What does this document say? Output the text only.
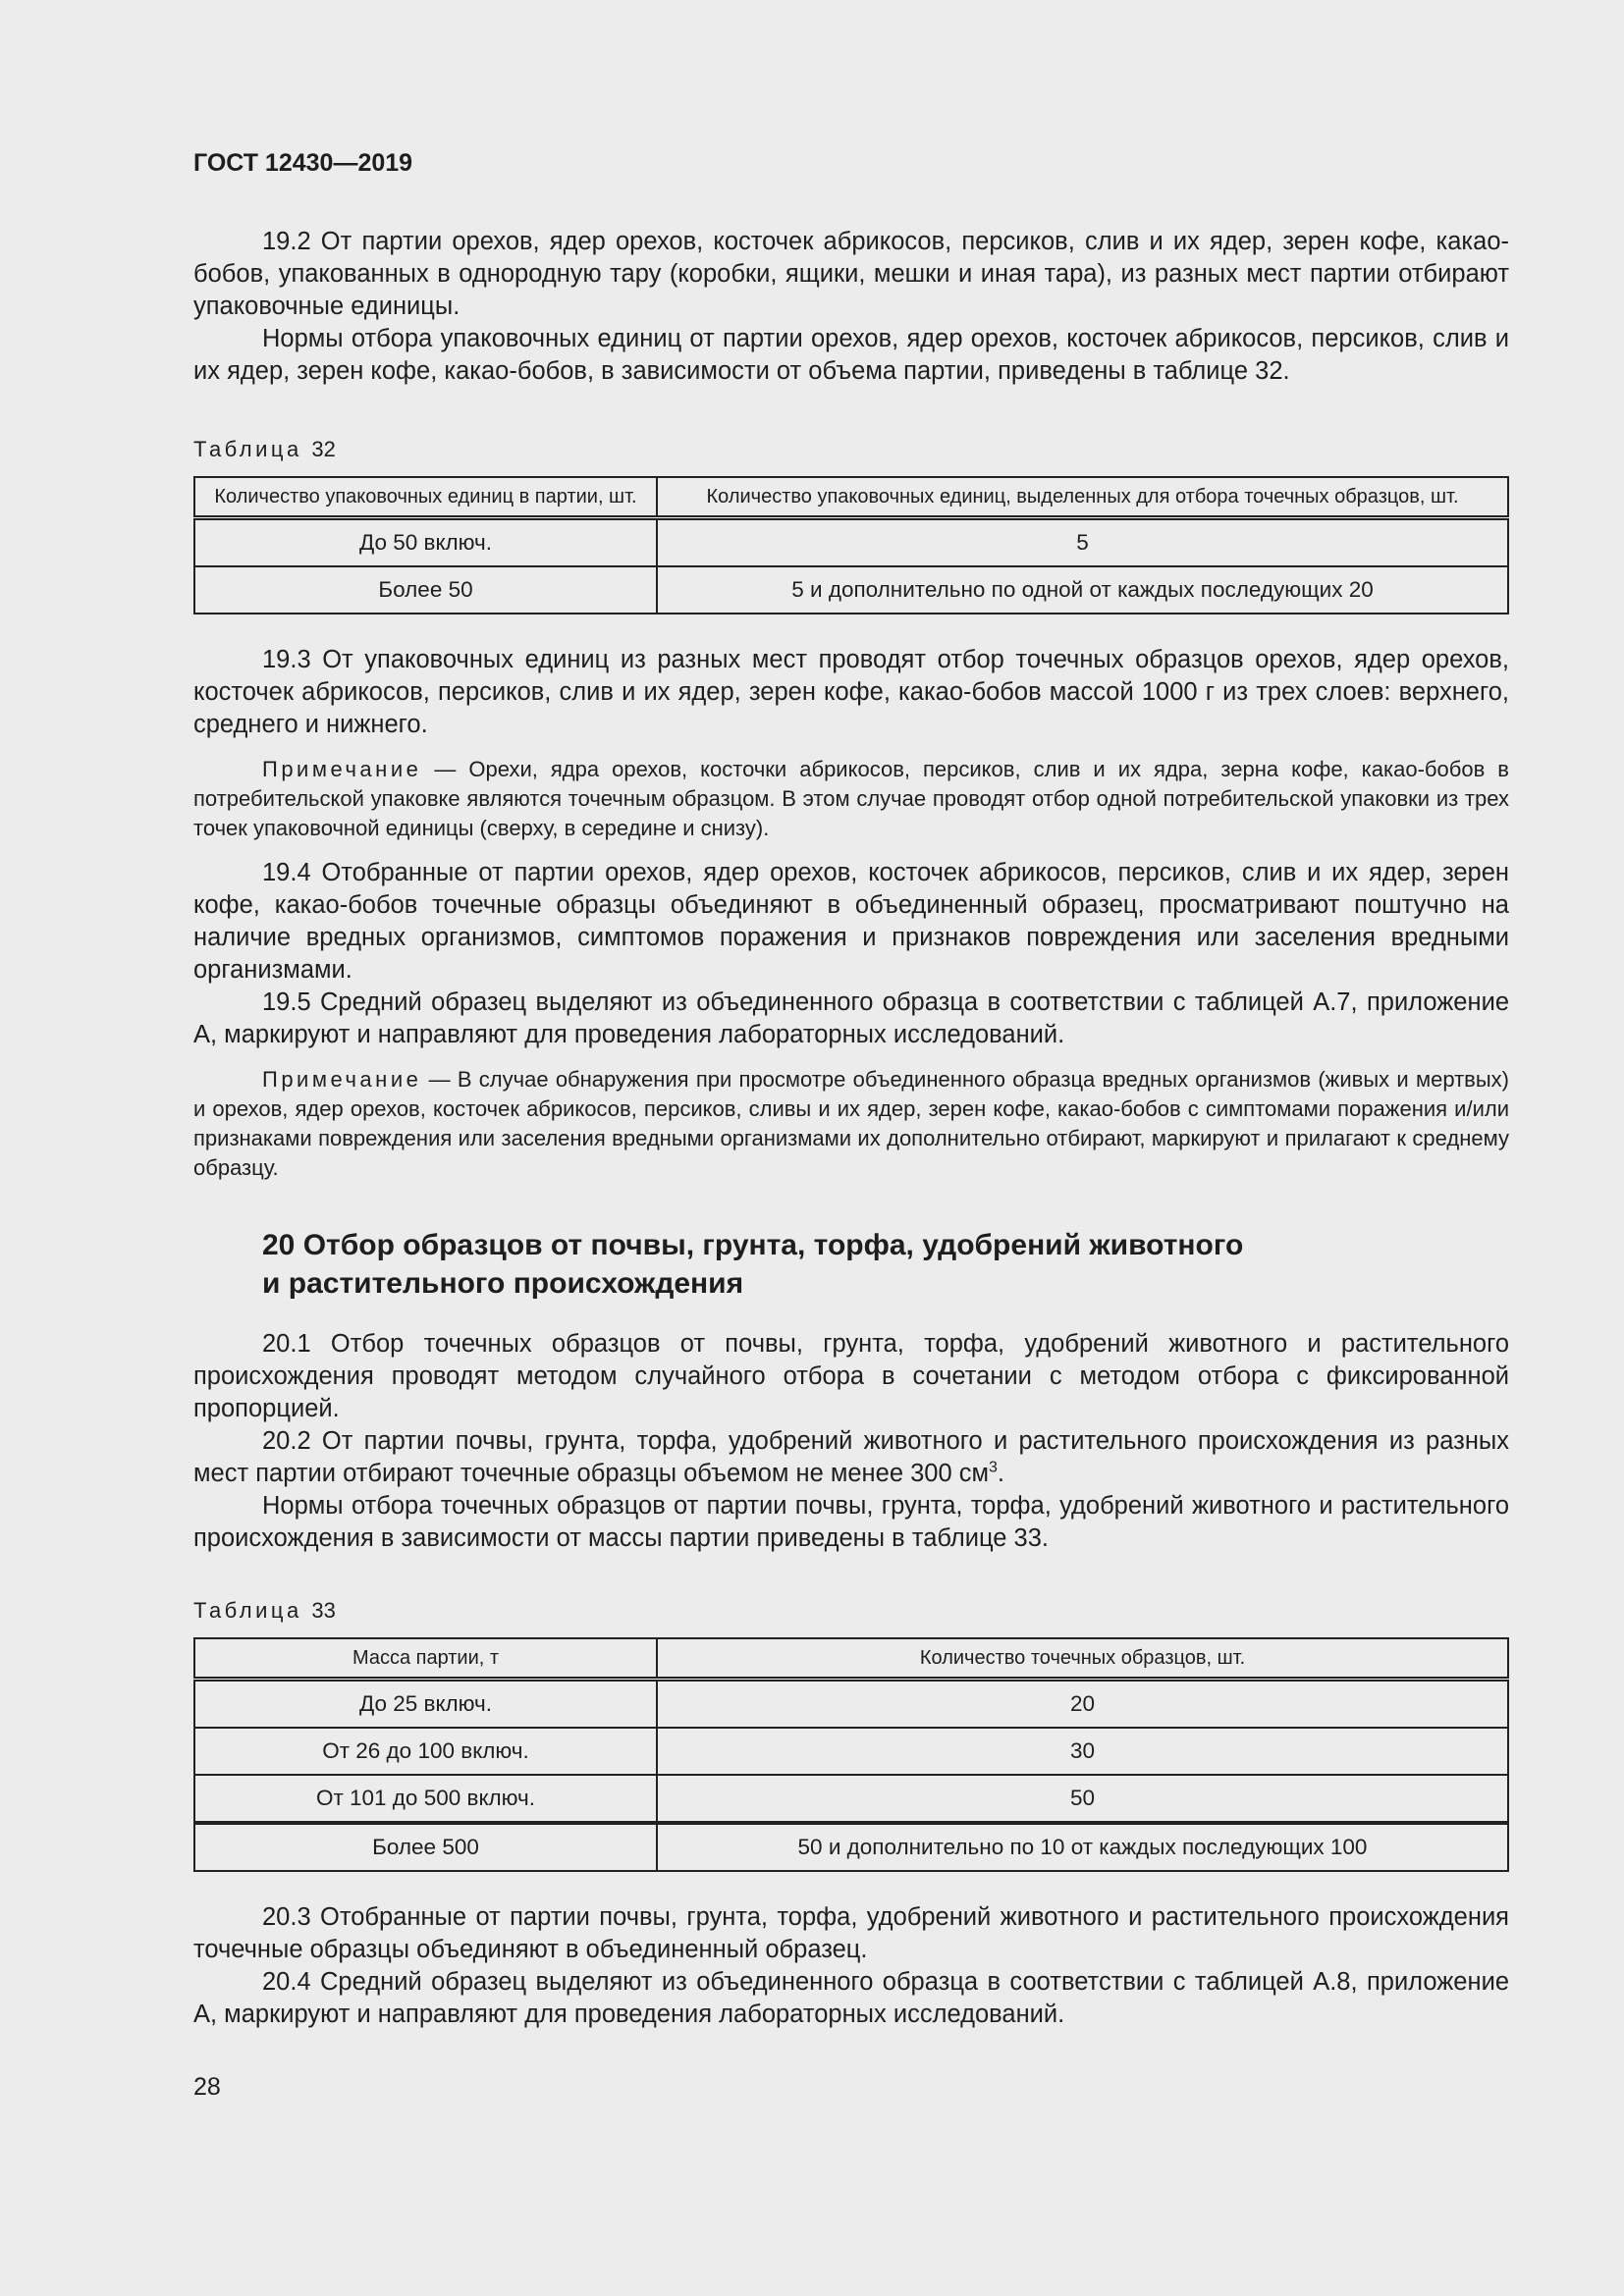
ГОСТ 12430—2019

19.2 От партии орехов, ядер орехов, косточек абрикосов, персиков, слив и их ядер, зерен кофе, какао-бобов, упакованных в однородную тару (коробки, ящики, мешки и иная тара), из разных мест партии отбирают упаковочные единицы.

Нормы отбора упаковочных единиц от партии орехов, ядер орехов, косточек абрикосов, персиков, слив и их ядер, зерен кофе, какао-бобов, в зависимости от объема партии, приведены в таблице 32.

Таблица 32
Количество упаковочных единиц в партии, шт.	Количество упаковочных единиц, выделенных для отбора точечных образцов, шт.
До 50 включ.	5
Более 50	5 и дополнительно по одной от каждых последующих 20

19.3 От упаковочных единиц из разных мест проводят отбор точечных образцов орехов, ядер орехов, косточек абрикосов, персиков, слив и их ядер, зерен кофе, какао-бобов массой 1000 г из трех слоев: верхнего, среднего и нижнего.

Примечание — Орехи, ядра орехов, косточки абрикосов, персиков, слив и их ядра, зерна кофе, какао-бобов в потребительской упаковке являются точечным образцом. В этом случае проводят отбор одной потребительской упаковки из трех точек упаковочной единицы (сверху, в середине и снизу).

19.4 Отобранные от партии орехов, ядер орехов, косточек абрикосов, персиков, слив и их ядер, зерен кофе, какао-бобов точечные образцы объединяют в объединенный образец, просматривают поштучно на наличие вредных организмов, симптомов поражения и признаков повреждения или заселения вредными организмами.

19.5 Средний образец выделяют из объединенного образца в соответствии с таблицей А.7, приложение А, маркируют и направляют для проведения лабораторных исследований.

Примечание — В случае обнаружения при просмотре объединенного образца вредных организмов (живых и мертвых) и орехов, ядер орехов, косточек абрикосов, персиков, сливы и их ядер, зерен кофе, какао-бобов с симптомами поражения и/или признаками повреждения или заселения вредными организмами их дополнительно отбирают, маркируют и прилагают к среднему образцу.
20 Отбор образцов от почвы, грунта, торфа, удобрений животного
и растительного происхождения

20.1 Отбор точечных образцов от почвы, грунта, торфа, удобрений животного и растительного происхождения проводят методом случайного отбора в сочетании с методом отбора с фиксированной пропорцией.

20.2 От партии почвы, грунта, торфа, удобрений животного и растительного происхождения из разных мест партии отбирают точечные образцы объемом не менее 300 $см^3$.

Нормы отбора точечных образцов от партии почвы, грунта, торфа, удобрений животного и растительного происхождения в зависимости от массы партии приведены в таблице 33.

Таблица 33
Масса партии, т	Количество точечных образцов, шт.
До 25 включ.	20
От 26 до 100 включ.	30
От 101 до 500 включ.	50
Более 500	50 и дополнительно по 10 от каждых последующих 100

20.3 Отобранные от партии почвы, грунта, торфа, удобрений животного и растительного происхождения точечные образцы объединяют в объединенный образец.

20.4 Средний образец выделяют из объединенного образца в соответствии с таблицей А.8, приложение А, маркируют и направляют для проведения лабораторных исследований.

28
